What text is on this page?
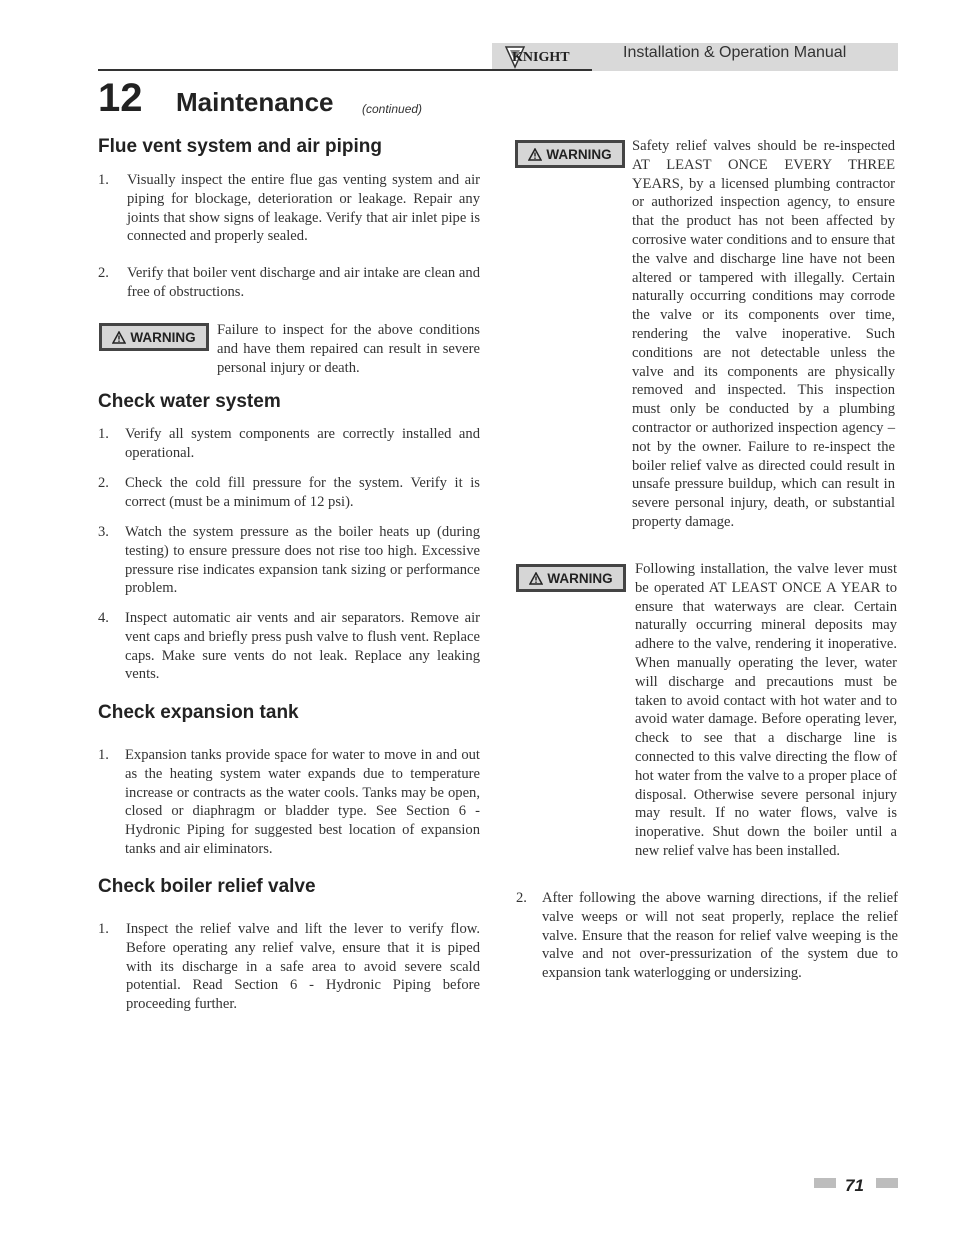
KNIGHT	Installation & Operation Manual
12 Maintenance (continued)
Flue vent system and air piping
1. Visually inspect the entire flue gas venting system and air piping for blockage, deterioration or leakage. Repair any joints that show signs of leakage. Verify that air inlet pipe is connected and properly sealed.
2. Verify that boiler vent discharge and air intake are clean and free of obstructions.
WARNING Failure to inspect for the above conditions and have them repaired can result in severe personal injury or death.
Check water system
1. Verify all system components are correctly installed and operational.
2. Check the cold fill pressure for the system. Verify it is correct (must be a minimum of 12 psi).
3. Watch the system pressure as the boiler heats up (during testing) to ensure pressure does not rise too high. Excessive pressure rise indicates expansion tank sizing or performance problem.
4. Inspect automatic air vents and air separators. Remove air vent caps and briefly press push valve to flush vent. Replace caps. Make sure vents do not leak. Replace any leaking vents.
Check expansion tank
1. Expansion tanks provide space for water to move in and out as the heating system water expands due to temperature increase or contracts as the water cools. Tanks may be open, closed or diaphragm or bladder type. See Section 6 - Hydronic Piping for suggested best location of expansion tanks and air eliminators.
Check boiler relief valve
1. Inspect the relief valve and lift the lever to verify flow. Before operating any relief valve, ensure that it is piped with its discharge in a safe area to avoid severe scald potential. Read Section 6 - Hydronic Piping before proceeding further.
WARNING Safety relief valves should be re-inspected AT LEAST ONCE EVERY THREE YEARS, by a licensed plumbing contractor or authorized inspection agency, to ensure that the product has not been affected by corrosive water conditions and to ensure that the valve and discharge line have not been altered or tampered with illegally. Certain naturally occurring conditions may corrode the valve or its components over time, rendering the valve inoperative. Such conditions are not detectable unless the valve and its components are physically removed and inspected. This inspection must only be conducted by a plumbing contractor or authorized inspection agency – not by the owner. Failure to re-inspect the boiler relief valve as directed could result in unsafe pressure buildup, which can result in severe personal injury, death, or substantial property damage.
WARNING
Following installation, the valve lever must be operated AT LEAST ONCE A YEAR to ensure that waterways are clear. Certain naturally occurring mineral deposits may adhere to the valve, rendering it inoperative. When manually operating the lever, water will discharge and precautions must be taken to avoid contact with hot water and to avoid water damage. Before operating lever, check to see that a discharge line is connected to this valve directing the flow of hot water from the valve to a proper place of disposal. Otherwise severe personal injury may result. If no water flows, valve is inoperative. Shut down the boiler until a new relief valve has been installed.
2. After following the above warning directions, if the relief valve weeps or will not seat properly, replace the relief valve. Ensure that the reason for relief valve weeping is the valve and not over-pressurization of the system due to expansion tank waterlogging or undersizing.
71
